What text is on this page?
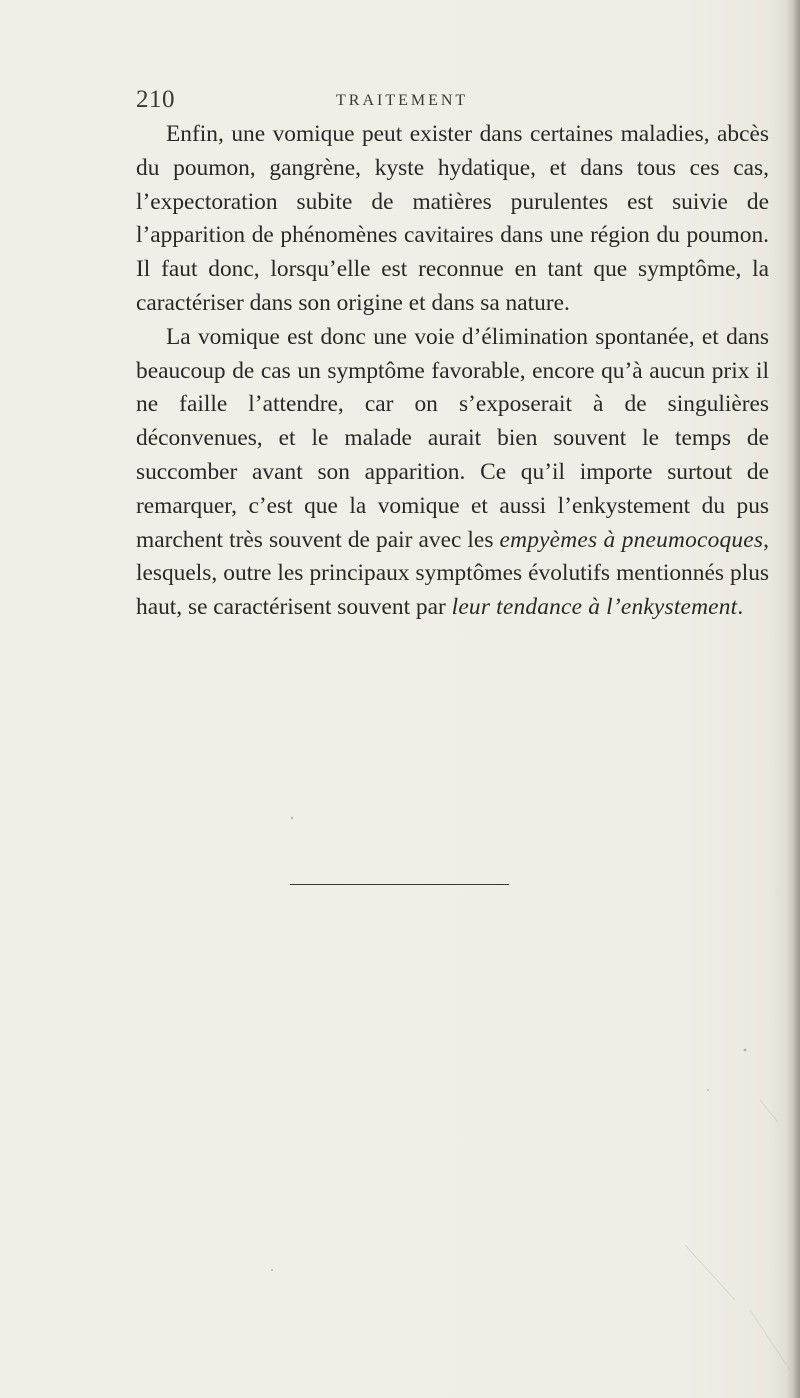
210	TRAITEMENT

Enfin, une vomique peut exister dans certaines maladies, abcès du poumon, gangrène, kyste hydatique, et dans tous ces cas, l’expectoration subite de matières purulentes est suivie de l’apparition de phénomènes cavitaires dans une région du poumon. Il faut donc, lorsqu’elle est reconnue en tant que symptôme, la caractériser dans son origine et dans sa nature.

La vomique est donc une voie d’élimination spontanée, et dans beaucoup de cas un symptôme favorable, encore qu’à aucun prix il ne faille l’attendre, car on s’exposerait à de singulières déconvenues, et le malade aurait bien souvent le temps de succomber avant son apparition. Ce qu’il importe surtout de remarquer, c’est que la vomique et aussi l’enkystement du pus marchent très souvent de pair avec les empyèmes à pneumocoques, lesquels, outre les principaux symptômes évolutifs mentionnés plus haut, se caractérisent souvent par leur tendance à l’enkystement.
